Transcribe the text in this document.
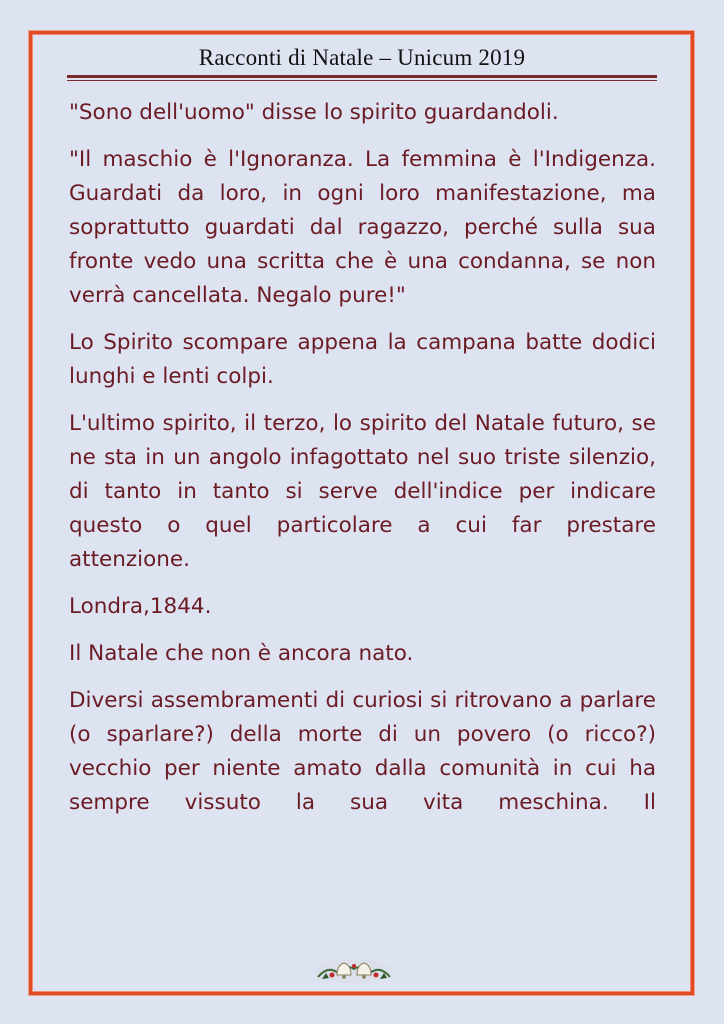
Racconti di Natale – Unicum 2019

"Sono dell'uomo" disse lo spirito guardandoli.

"Il maschio è l'Ignoranza. La femmina è l'Indigenza. Guardati da loro, in ogni loro manifestazione, ma soprattutto guardati dal ragazzo, perché sulla sua fronte vedo una scritta che è una condanna, se non verrà cancellata. Negalo pure!"

Lo Spirito scompare appena la campana batte dodici lunghi e lenti colpi.

L'ultimo spirito, il terzo, lo spirito del Natale futuro, se ne sta in un angolo infagottato nel suo triste silenzio, di tanto in tanto si serve dell'indice per indicare questo o quel particolare a cui far prestare attenzione.

Londra,1844.

Il Natale che non è ancora nato.

Diversi assembramenti di curiosi si ritrovano a parlare (o sparlare?) della morte di un povero (o ricco?) vecchio per niente amato dalla comunità in cui ha sempre vissuto la sua vita meschina. Il
